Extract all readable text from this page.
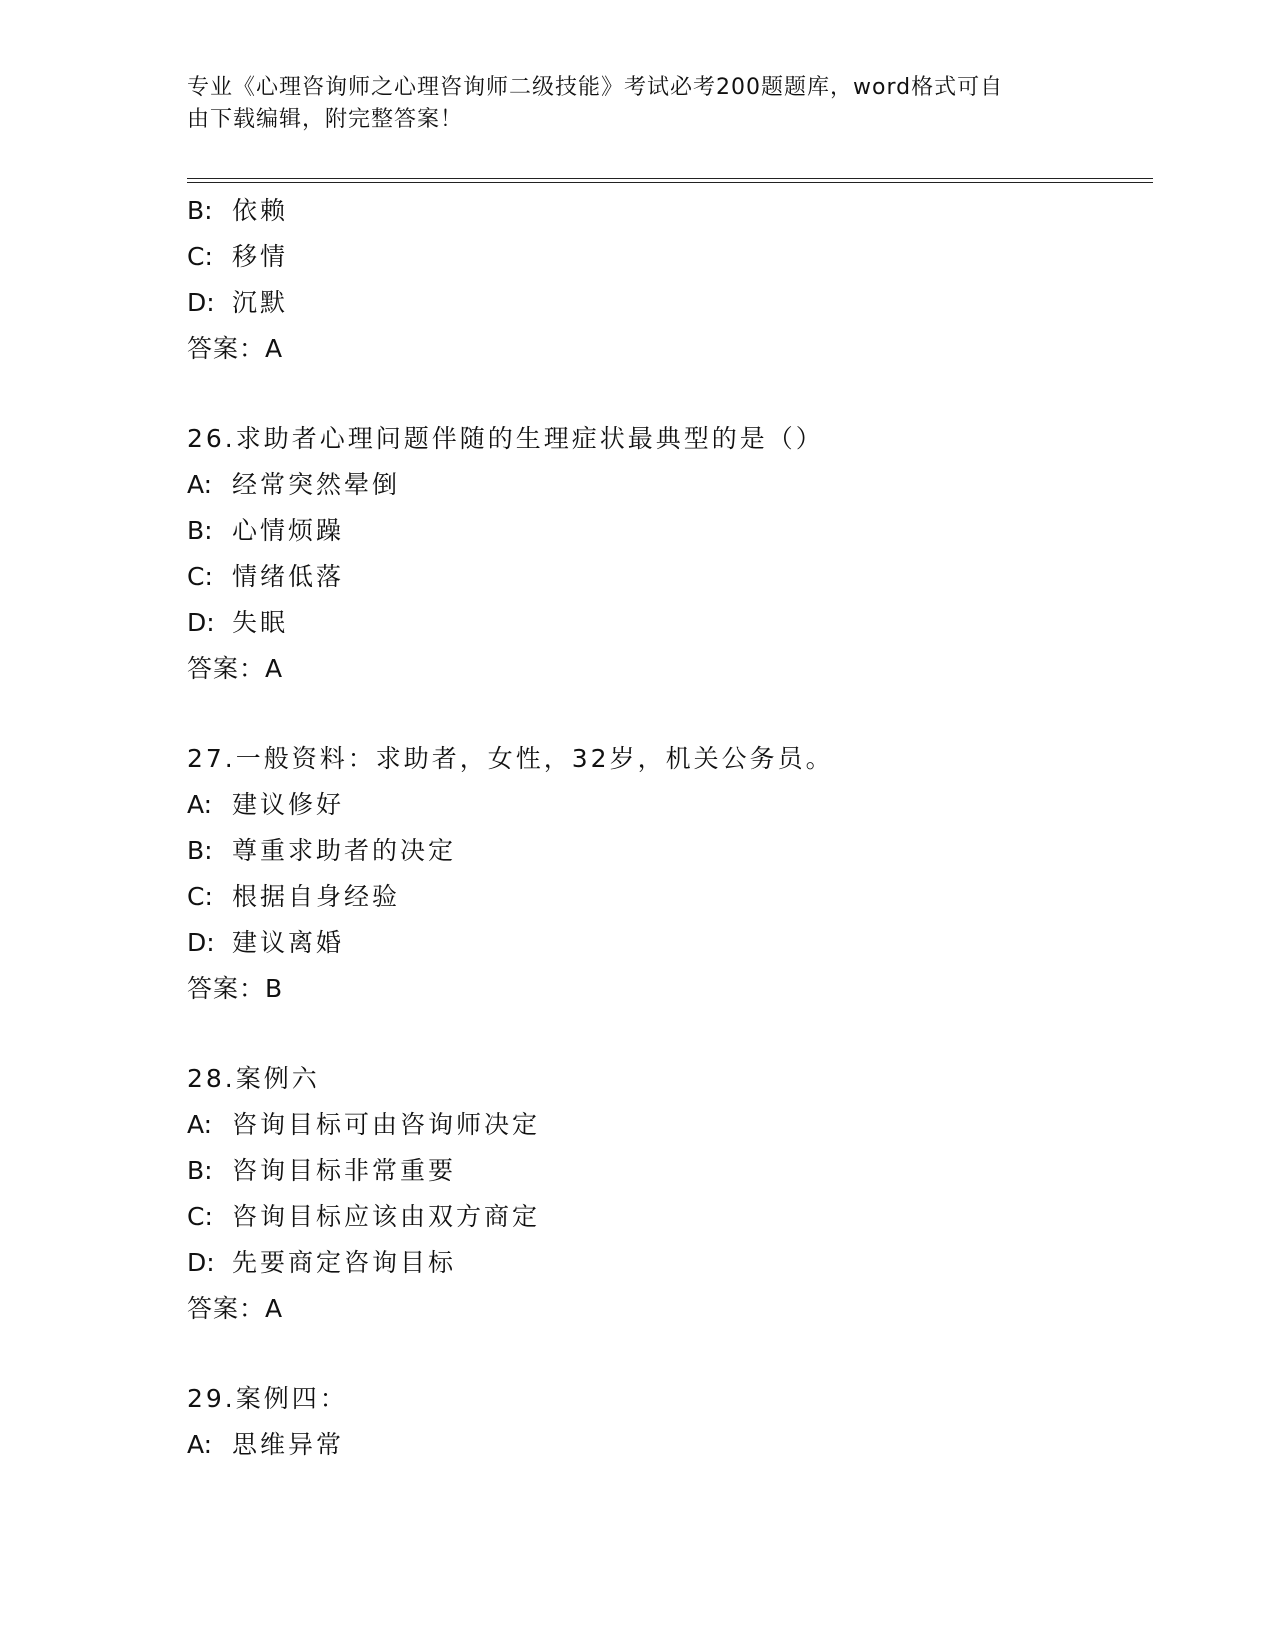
专业《心理咨询师之心理咨询师二级技能》考试必考200题题库，word格式可自
由下载编辑，附完整答案！
B: 依赖
C: 移情
D: 沉默
答案：A
26.求助者心理问题伴随的生理症状最典型的是（）
A: 经常突然晕倒
B: 心情烦躁
C: 情绪低落
D: 失眠
答案：A
27.一般资料：求助者，女性，32岁，机关公务员。
A: 建议修好
B: 尊重求助者的决定
C: 根据自身经验
D: 建议离婚
答案：B
28.案例六
A: 咨询目标可由咨询师决定
B: 咨询目标非常重要
C: 咨询目标应该由双方商定
D: 先要商定咨询目标
答案：A
29.案例四：
A: 思维异常
